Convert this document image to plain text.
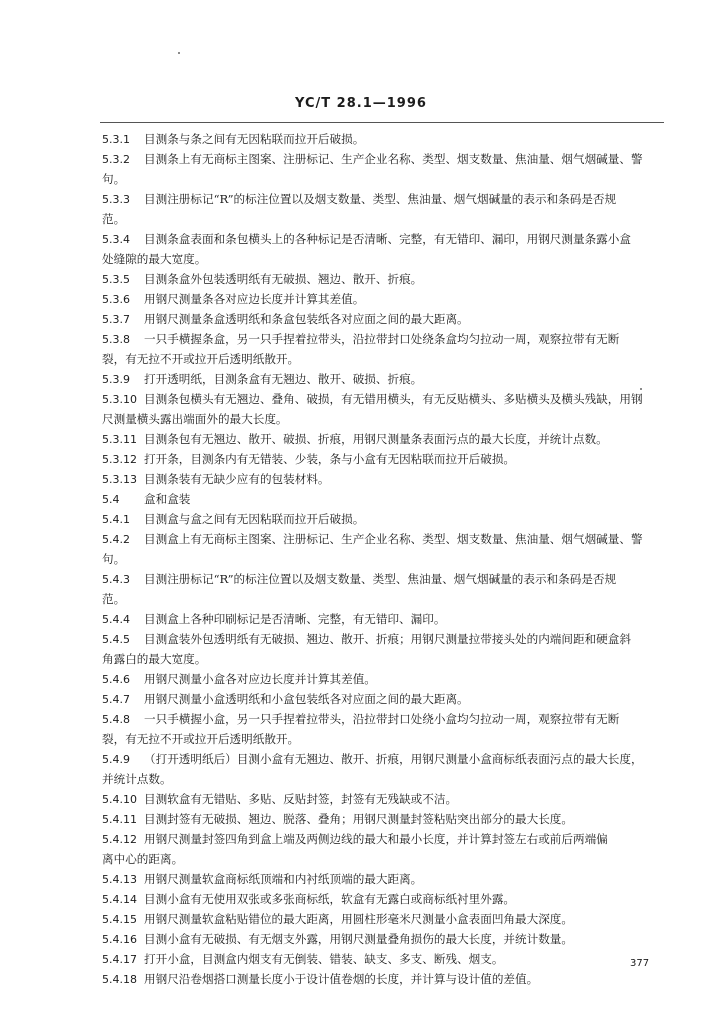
YC/T 28.1—1996
5.3.1 目测条与条之间有无因粘联而拉开后破损。
5.3.2 目测条上有无商标主图案、注册标记、生产企业名称、类型、烟支数量、焦油量、烟气烟碱量、警
句。
5.3.3 目测注册标记“R”的标注位置以及烟支数量、类型、焦油量、烟气烟碱量的表示和条码是否规
范。
5.3.4 目测条盒表面和条包横头上的各种标记是否清晰、完整，有无错印、漏印，用钢尺测量条露小盒
处缝隙的最大宽度。
5.3.5 目测条盒外包装透明纸有无破损、翘边、散开、折痕。
5.3.6 用钢尺测量条各对应边长度并计算其差值。
5.3.7 用钢尺测量条盒透明纸和条盒包装纸各对应面之间的最大距离。
5.3.8 一只手横握条盒，另一只手捏着拉带头，沿拉带封口处绕条盒均匀拉动一周，观察拉带有无断
裂，有无拉不开或拉开后透明纸散开。
5.3.9 打开透明纸，目测条盒有无翘边、散开、破损、折痕。
5.3.10 目测条包横头有无翘边、叠角、破损，有无错用横头，有无反贴横头、多贴横头及横头残缺，用钢
尺测量横头露出端面外的最大长度。
5.3.11 目测条包有无翘边、散开、破损、折痕，用钢尺测量条表面污点的最大长度，并统计点数。
5.3.12 打开条，目测条内有无错装、少装，条与小盒有无因粘联而拉开后破损。
5.3.13 目测条装有无缺少应有的包装材料。
5.4 盒和盒装
5.4.1 目测盒与盒之间有无因粘联而拉开后破损。
5.4.2 目测盒上有无商标主图案、注册标记、生产企业名称、类型、烟支数量、焦油量、烟气烟碱量、警
句。
5.4.3 目测注册标记“R”的标注位置以及烟支数量、类型、焦油量、烟气烟碱量的表示和条码是否规
范。
5.4.4 目测盒上各种印刷标记是否清晰、完整，有无错印、漏印。
5.4.5 目测盒装外包透明纸有无破损、翘边、散开、折痕；用钢尺测量拉带接头处的内端间距和硬盒斜
角露白的最大宽度。
5.4.6 用钢尺测量小盒各对应边长度并计算其差值。
5.4.7 用钢尺测量小盒透明纸和小盒包装纸各对应面之间的最大距离。
5.4.8 一只手横握小盒，另一只手捏着拉带头，沿拉带封口处绕小盒均匀拉动一周，观察拉带有无断
裂，有无拉不开或拉开后透明纸散开。
5.4.9 （打开透明纸后）目测小盒有无翘边、散开、折痕，用钢尺测量小盒商标纸表面污点的最大长度，
并统计点数。
5.4.10 目测软盒有无错贴、多贴、反贴封签，封签有无残缺或不洁。
5.4.11 目测封签有无破损、翘边、脱落、叠角；用钢尺测量封签粘贴突出部分的最大长度。
5.4.12 用钢尺测量封签四角到盒上端及两侧边线的最大和最小长度，并计算封签左右或前后两端偏
离中心的距离。
5.4.13 用钢尺测量软盒商标纸顶端和内衬纸顶端的最大距离。
5.4.14 目测小盒有无使用双张或多张商标纸，软盒有无露白或商标纸衬里外露。
5.4.15 用钢尺测量软盒粘贴错位的最大距离，用圆柱形毫米尺测量小盒表面凹角最大深度。
5.4.16 目测小盒有无破损、有无烟支外露，用钢尺测量叠角损伤的最大长度，并统计数量。
5.4.17 打开小盒，目测盒内烟支有无倒装、错装、缺支、多支、断残、烟支。
5.4.18 用钢尺沿卷烟搭口测量长度小于设计值卷烟的长度，并计算与设计值的差值。
377
